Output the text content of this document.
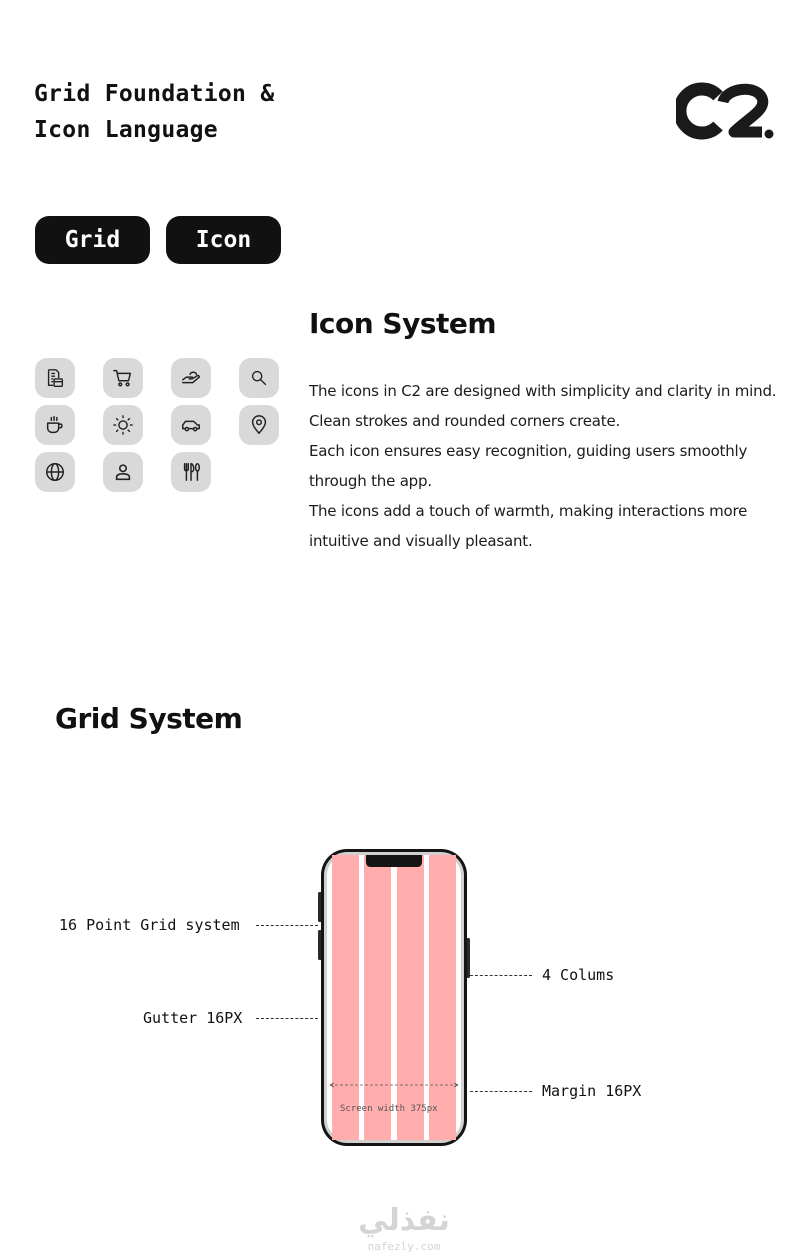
Grid Foundation &
Icon Language
Grid	Icon
Icon System

The icons in C2 are designed with simplicity and clarity in mind. Clean strokes and rounded corners create.

Each icon ensures easy recognition, guiding users smoothly through the app.

The icons add a touch of warmth, making interactions more intuitive and visually pleasant.

Grid System
Screen width 375px
16 Point Grid system
Gutter 16PX
4 Colums
Margin 16PX
نفذلي
nafezly.com
